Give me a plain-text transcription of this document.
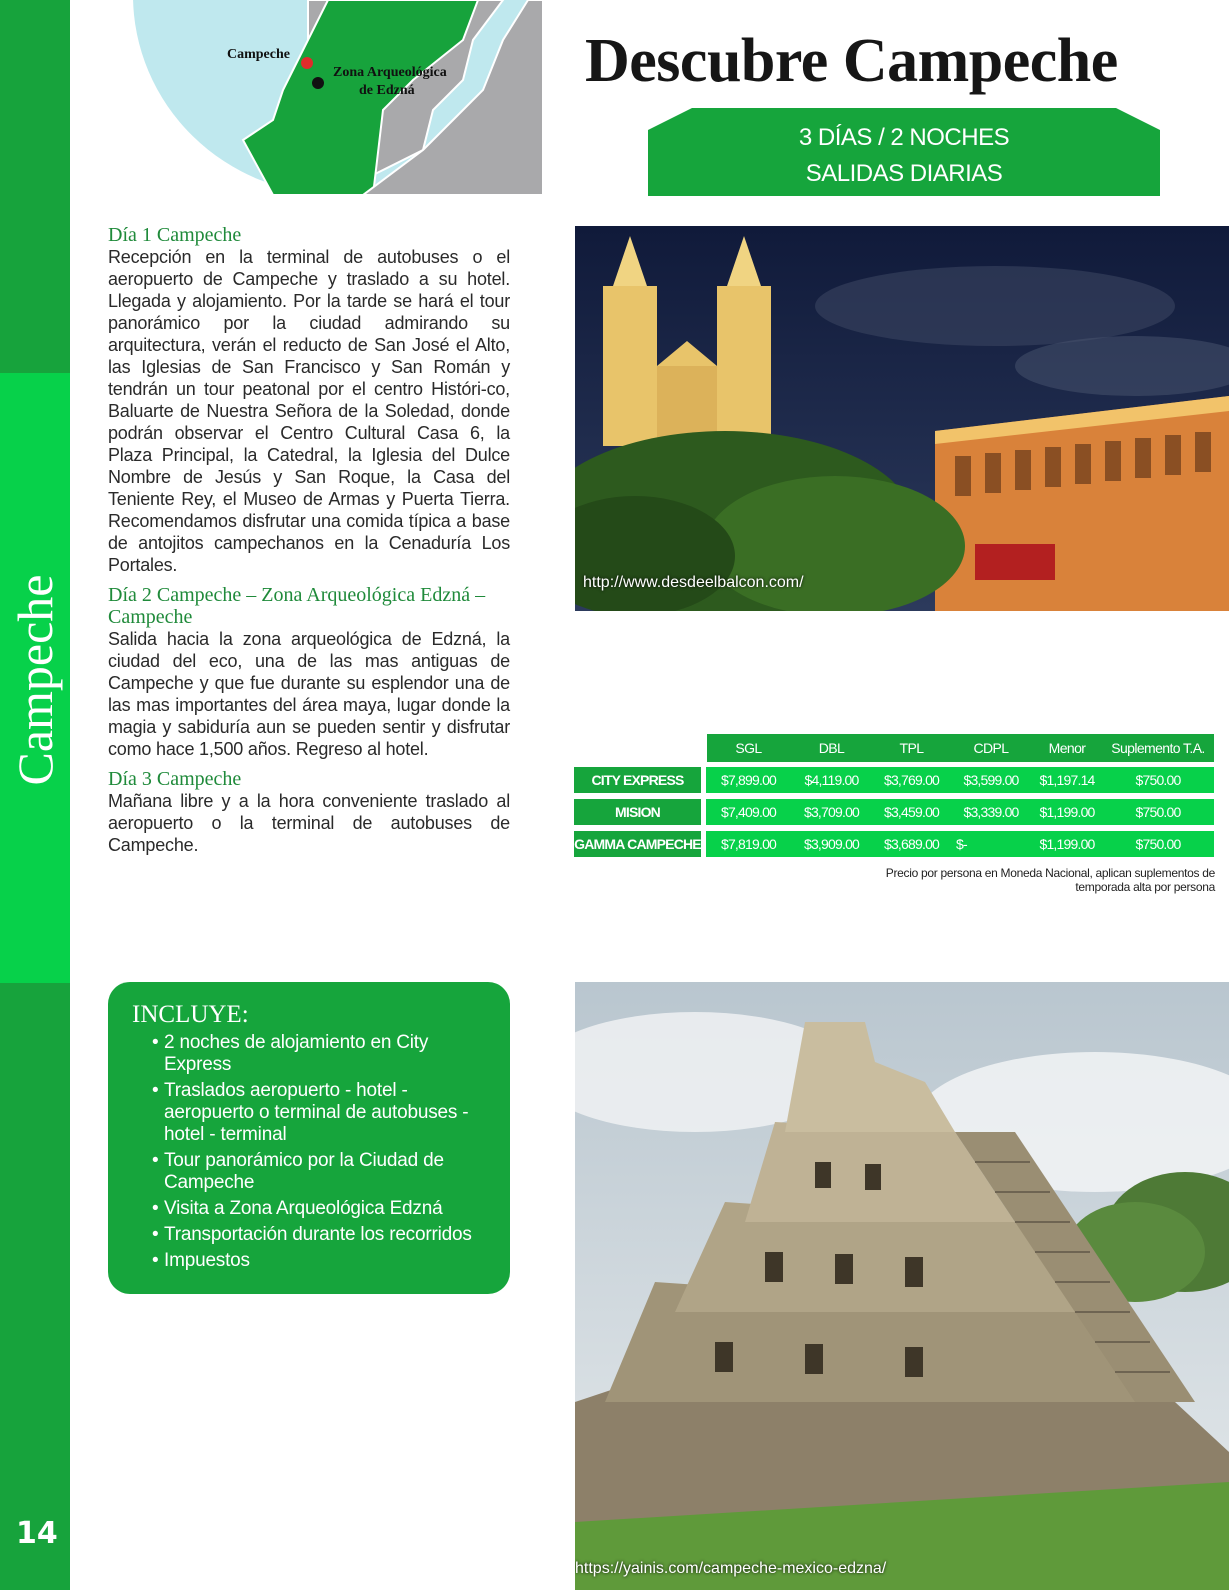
Campeche
14
Campeche
Zona Arqueológica
de Edzná	Descubre Campeche
3 DÍAS / 2 NOCHES
SALIDAS DIARIAS
Día 1 Campeche
Recepción en la terminal de autobuses o el aeropuerto de Campeche y traslado a su hotel. Llegada y alojamiento. Por la tarde se hará el tour panorámico por la ciudad admirando su arquitectura, verán el reducto de San José el Alto, las Iglesias de San Francisco y San Román y tendrán un tour peatonal por el centro Históri-co, Baluarte de Nuestra Señora de la Soledad, donde podrán observar el Centro Cultural Casa 6, la Plaza Principal, la Catedral, la Iglesia del Dulce Nombre de Jesús y San Roque, la Casa del Teniente Rey, el Museo de Armas y Puerta Tierra. Recomendamos disfrutar una comida típica a base de antojitos campechanos en la Cenaduría Los Portales.
Día 2 Campeche – Zona Arqueológica Edzná – Campeche
Salida hacia la zona arqueológica de Edzná, la ciudad del eco, una de las mas antiguas de Campeche y que fue durante su esplendor una de las mas importantes del área maya, lugar donde la magia y sabiduría aun se pueden sentir y disfrutar como hace 1,500 años. Regreso al hotel.
Día 3 Campeche
Mañana libre y a la hora conveniente traslado al aeropuerto o la terminal de autobuses de Campeche.
http://www.desdeelbalcon.com/
SGL	DBL	TPL	CDPL	Menor	Suplemento T.A.
CITY EXPRESS	$7,899.00	$4,119.00	$3,769.00	$3,599.00	$1,197.14	$750.00
MISION	$7,409.00	$3,709.00	$3,459.00	$3,339.00	$1,199.00	$750.00
GAMMA CAMPECHE	$7,819.00	$3,909.00	$3,689.00	$-	$1,199.00	$750.00
Precio por persona en Moneda Nacional, aplican suplementos de
temporada alta por persona
INCLUYE:
• 2 noches de alojamiento en City Express
• Traslados aeropuerto - hotel - aeropuerto o terminal de autobuses - hotel - terminal
• Tour panorámico por la Ciudad de Campeche
• Visita a Zona Arqueológica Edzná
• Transportación durante los recorridos
• Impuestos
https://yainis.com/campeche-mexico-edzna/
